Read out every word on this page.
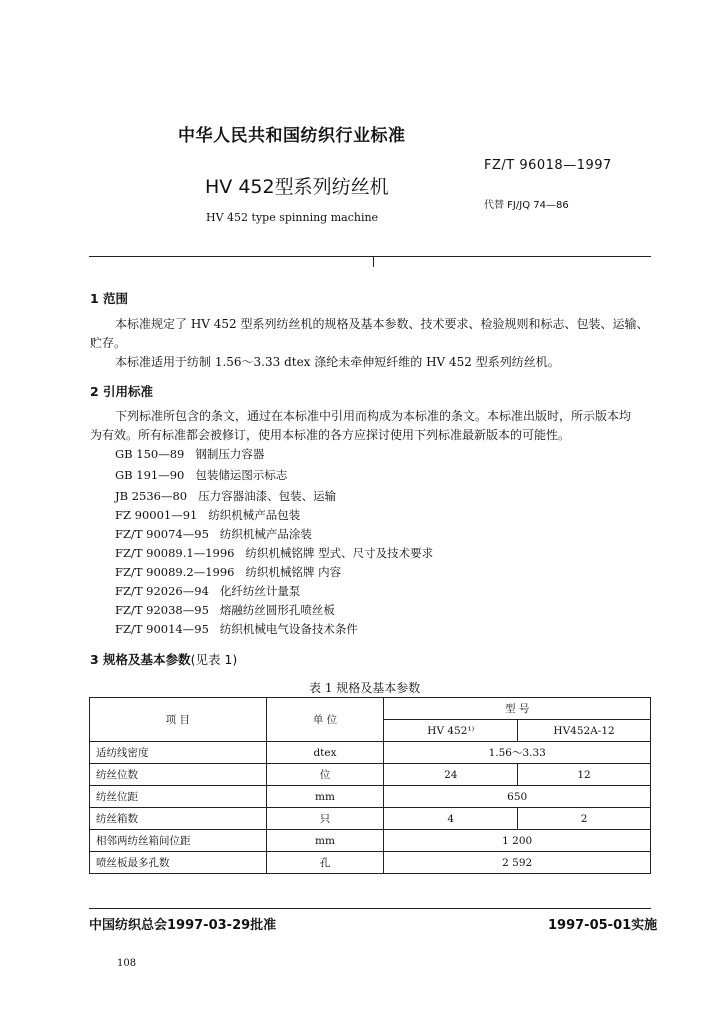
中华人民共和国纺织行业标准
FZ/T 96018—1997
HV 452型系列纺丝机
代替 FJ/JQ 74—86
HV 452 type spinning machine
1 范围
本标准规定了 HV 452 型系列纺丝机的规格及基本参数、技术要求、检验规则和标志、包装、运输、
贮存。
本标准适用于纺制 1.56～3.33 dtex 涤纶未牵伸短纤维的 HV 452 型系列纺丝机。
2 引用标准
下列标准所包含的条文，通过在本标准中引用而构成为本标准的条文。本标准出版时，所示版本均
为有效。所有标准都会被修订，使用本标准的各方应探讨使用下列标准最新版本的可能性。
GB 150—89 钢制压力容器
GB 191—90 包装储运图示标志
JB 2536—80 压力容器油漆、包装、运输
FZ 90001—91 纺织机械产品包装
FZ/T 90074—95 纺织机械产品涂装
FZ/T 90089.1—1996 纺织机械铭牌 型式、尺寸及技术要求
FZ/T 90089.2—1996 纺织机械铭牌 内容
FZ/T 92026—94 化纤纺丝计量泵
FZ/T 92038—95 熔融纺丝圆形孔喷丝板
FZ/T 90014—95 纺织机械电气设备技术条件
3 规格及基本参数(见表 1)
表 1 规格及基本参数
项 目	单 位	型 号	
		HV 452¹⁾	HV452A-12
适纺线密度	dtex	1.56～3.33	
纺丝位数	位	24	12
纺丝位距	mm	650	
纺丝箱数	只	4	2
相邻两纺丝箱间位距	mm	1 200	
喷丝板最多孔数	孔	2 592	
中国纺织总会1997-03-29批准	1997-05-01实施
108
